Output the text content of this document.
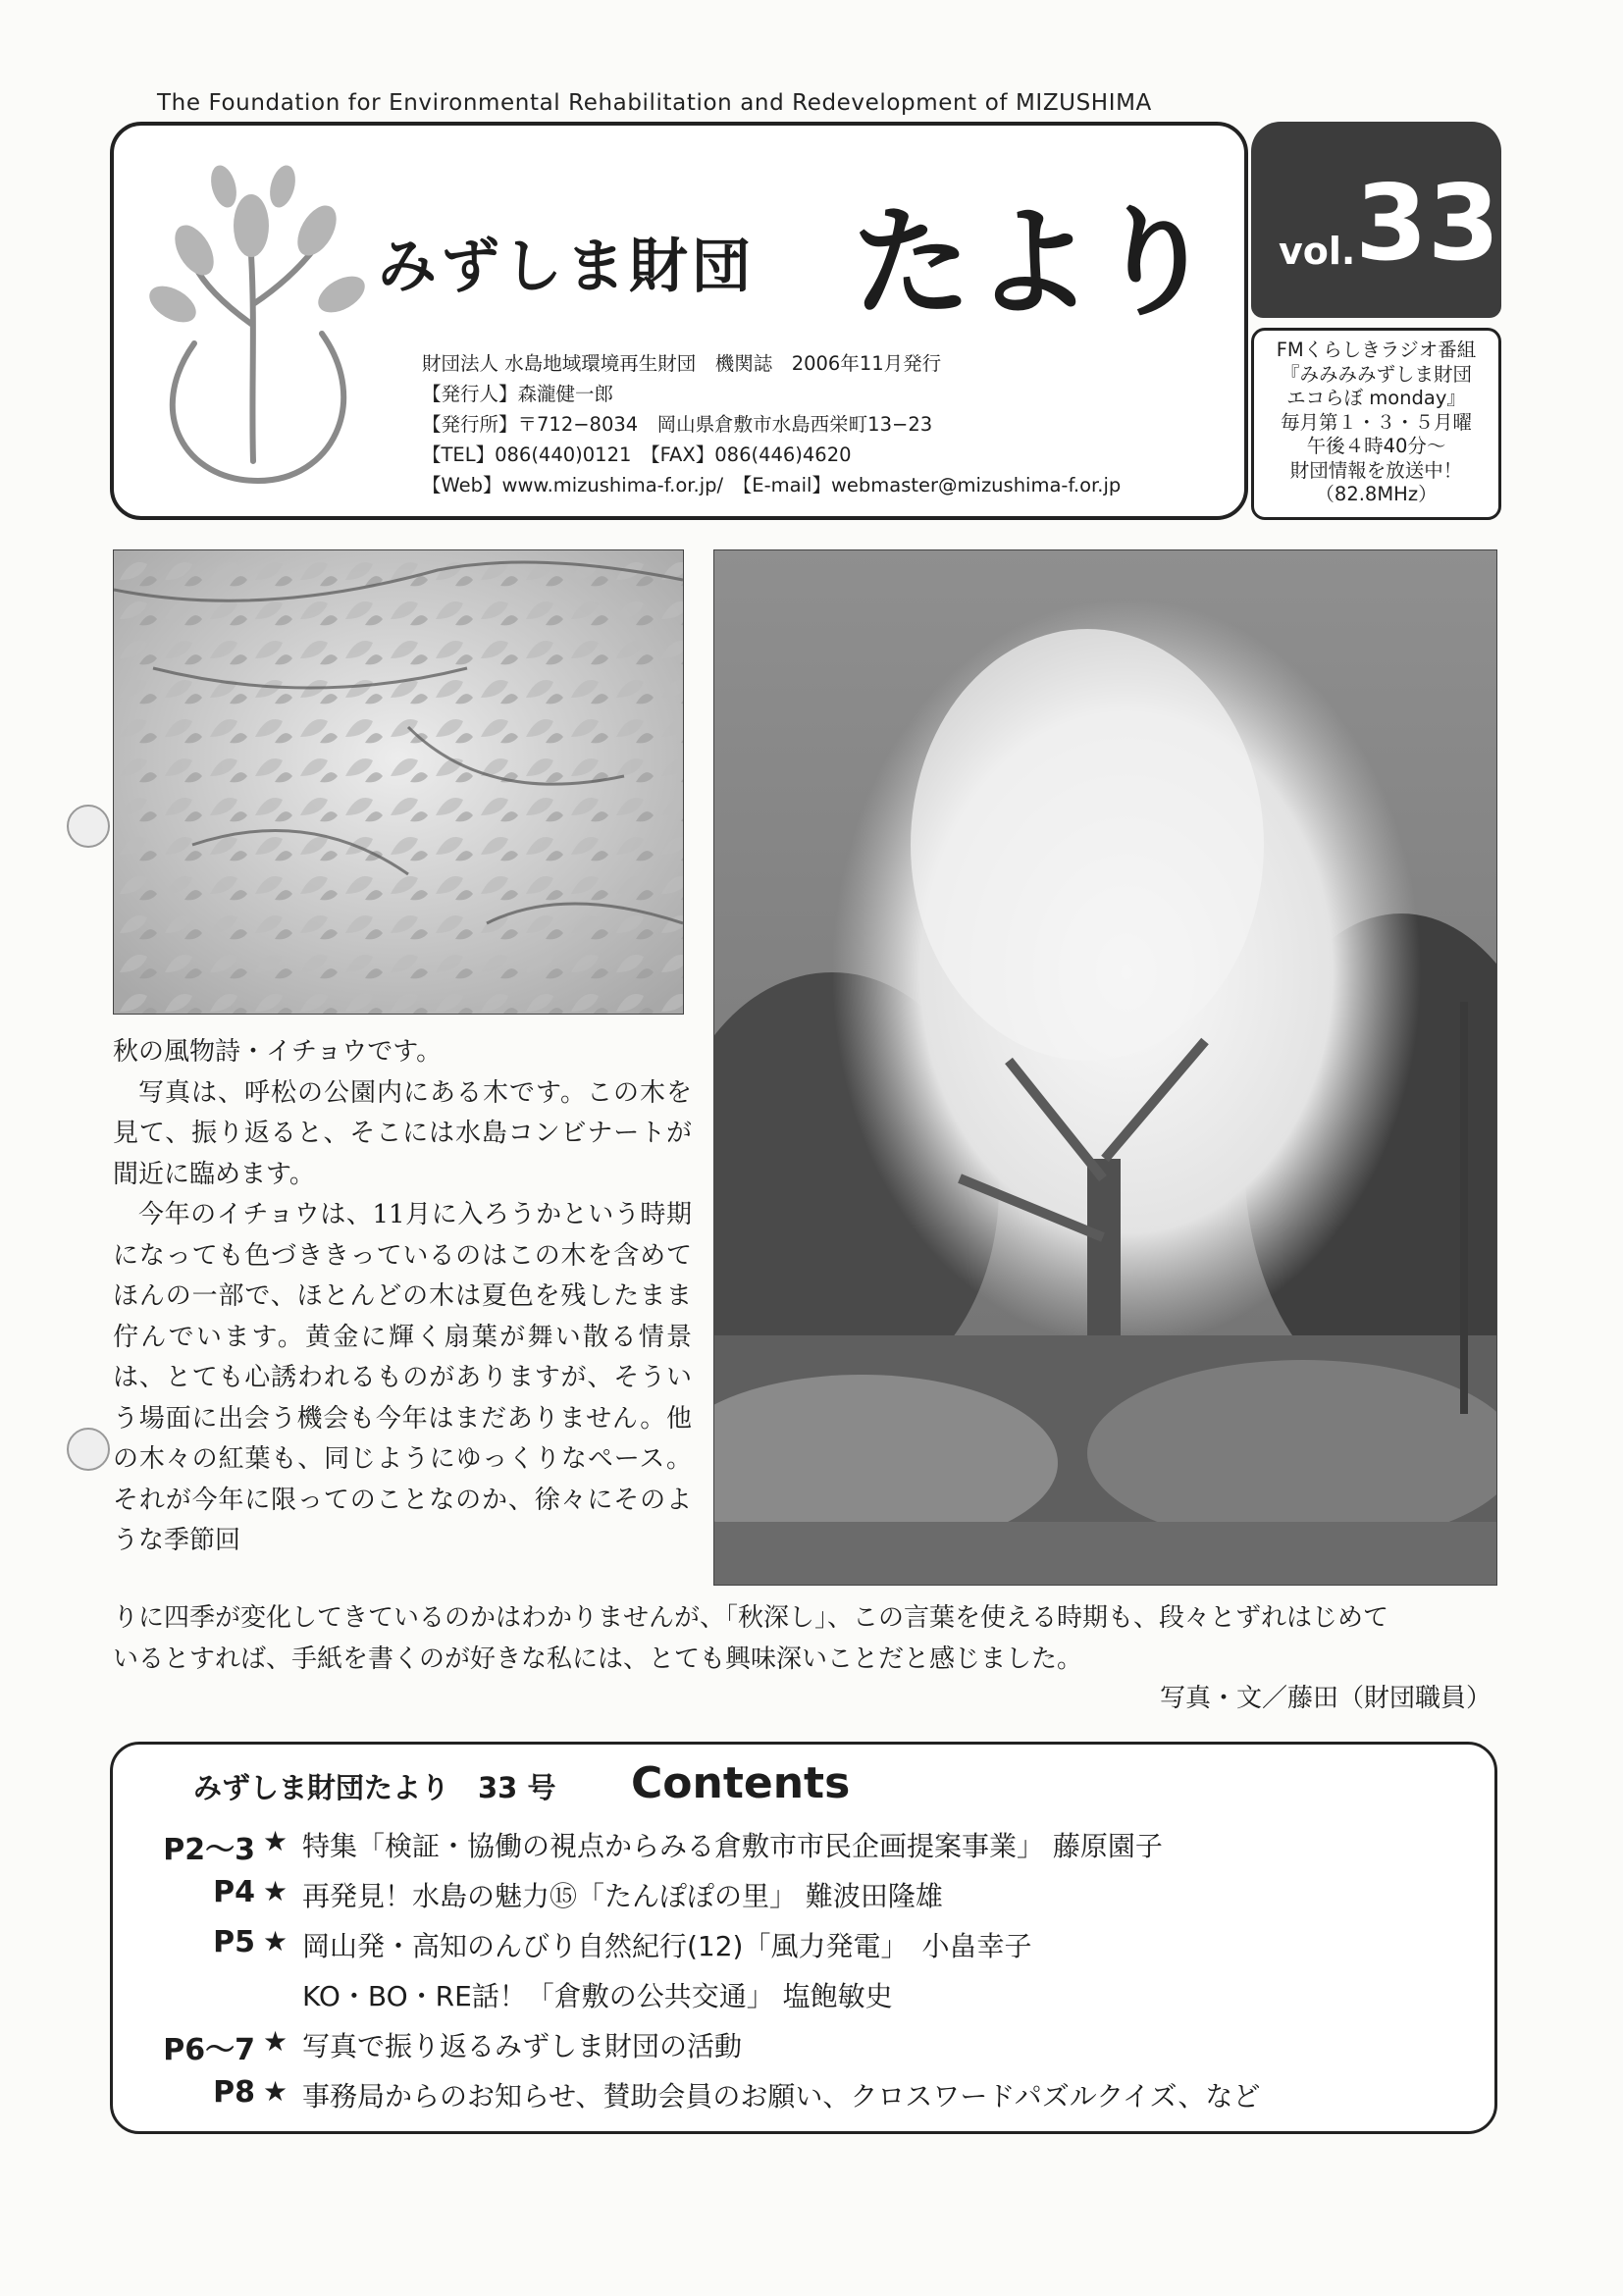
The Foundation for Environmental Rehabilitation and Redevelopment of MIZUSHIMA
みずしま財団 たより
財団法人 水島地域環境再生財団　機関誌　2006年11月発行
【発行人】森瀧健一郎
【発行所】〒712−8034　岡山県倉敷市水島西栄町13−23
【TEL】086(440)0121　【FAX】086(446)4620
【Web】www.mizushima-f.or.jp/　【E-mail】webmaster@mizushima-f.or.jp
vol. 33
FMくらしきラジオ番組
『みみみみずしま財団
エコらぼ monday』
毎月第１・３・５月曜
午後４時40分〜
財団情報を放送中！
（82.8MHz）

秋の風物詩・イチョウです。

写真は、呼松の公園内にある木です。この木を見て、振り返ると、そこには水島コンビナートが間近に臨めます。

今年のイチョウは、11月に入ろうかという時期になっても色づききっているのはこの木を含めてほんの一部で、ほとんどの木は夏色を残したまま佇んでいます。黄金に輝く扇葉が舞い散る情景は、とても心誘われるものがありますが、そういう場面に出会う機会も今年はまだありません。他の木々の紅葉も、同じようにゆっくりなペース。それが今年に限ってのことなのか、徐々にそのような季節回

りに四季が変化してきているのかはわかりませんが、「秋深し」、この言葉を使える時期も、段々とずれはじめて

いるとすれば、手紙を書くのが好きな私には、とても興味深いことだと感じました。

写真・文／藤田（財団職員）
みずしま財団たより　33 号 Contents
P2〜3 ★ 特集「検証・協働の視点からみる倉敷市市民企画提案事業」 藤原園子
P4 ★ 再発見！水島の魅力⑮「たんぽぽの里」 難波田隆雄
P5 ★ 岡山発・高知のんびり自然紀行(12)「風力発電」　小畠幸子
KO・BO・RE話！「倉敷の公共交通」 塩飽敏史
P6〜7 ★ 写真で振り返るみずしま財団の活動
P8 ★ 事務局からのお知らせ、賛助会員のお願い、クロスワードパズルクイズ、など
